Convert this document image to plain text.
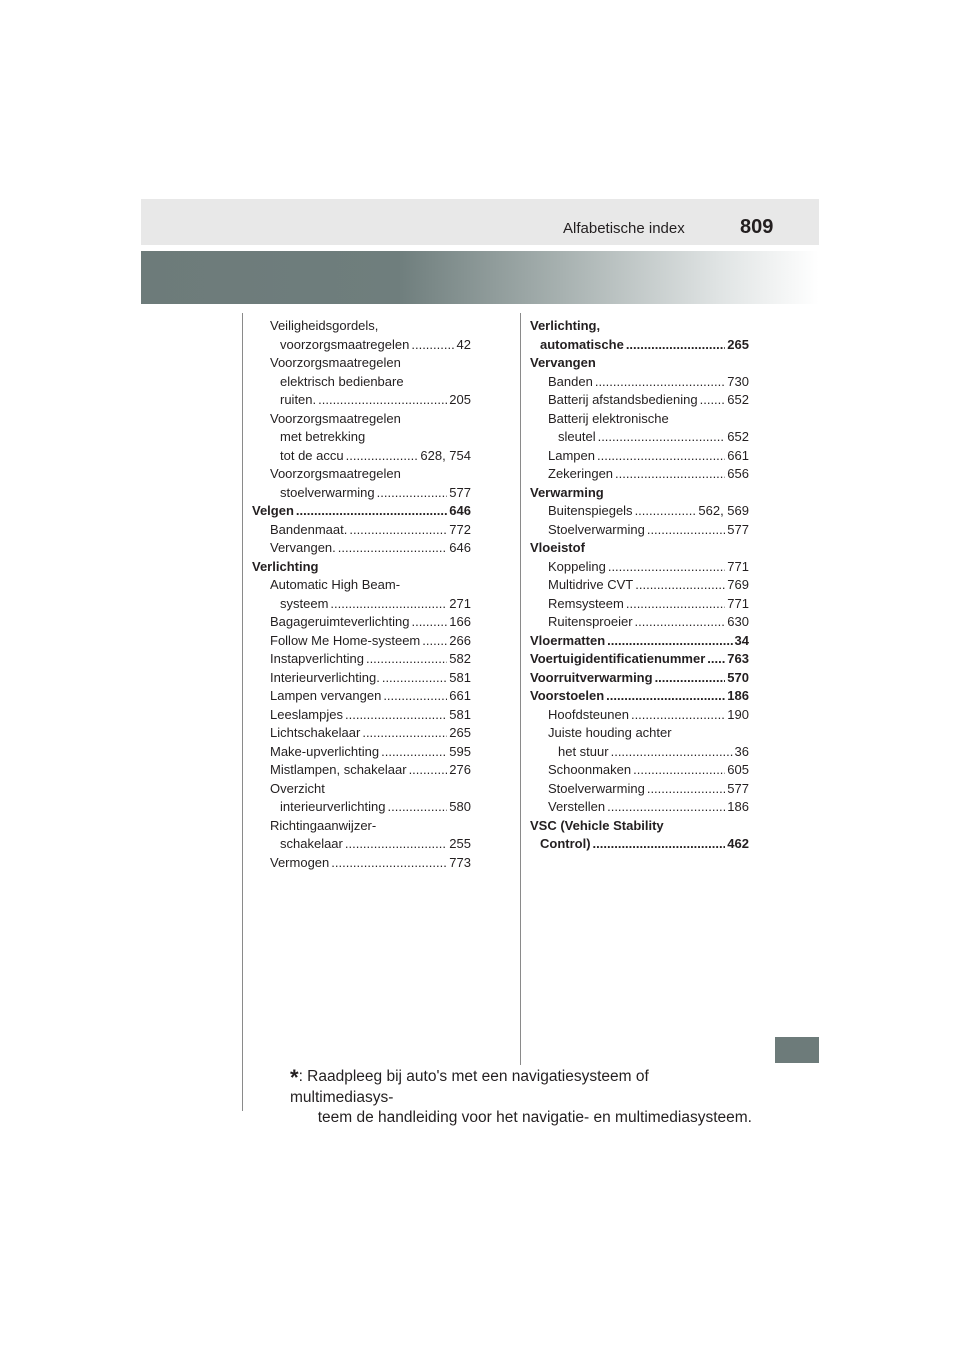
Alfabetische index	809
Veiligheidsgordels,
voorzorgsmaatregelen .....	42
Voorzorgsmaatregelen
elektrisch bedienbare
ruiten. .....	205
Voorzorgsmaatregelen
met betrekking
tot de accu .....	628, 754
Voorzorgsmaatregelen
stoelverwarming .....	577
Velgen .....	646
Bandenmaat. .....	772
Vervangen. .....	646
Verlichting
Automatic High Beam-
systeem .....	271
Bagageruimteverlichting .....	166
Follow Me Home-systeem ..... 266
Instapverlichting .....	582
Interieurverlichting. .....	581
Lampen vervangen .....	661
Leeslampjes .....	581
Lichtschakelaar .....	265
Make-upverlichting .....	595
Mistlampen, schakelaar .....	276
Overzicht
interieurverlichting .....	580
Richtingaanwijzer-
schakelaar .....	255
Vermogen .....	773
Verlichting,
automatische .....	265
Vervangen
Banden .....	730
Batterij afstandsbediening ..... 652
Batterij elektronische
sleutel .....	652
Lampen .....	661
Zekeringen .....	656
Verwarming
Buitenspiegels .....	562, 569
Stoelverwarming .....	577
Vloeistof
Koppeling .....	771
Multidrive CVT .....	769
Remsysteem .....	771
Ruitensproeier .....	630
Vloermatten .....	34
Voertuigidentificatienummer ..... 763
Voorruitverwarming .....	570
Voorstoelen .....	186
Hoofdsteunen .....	190
Juiste houding achter
het stuur .....	36
Schoonmaken .....	605
Stoelverwarming .....	577
Verstellen .....	186
VSC (Vehicle Stability
Control) .....	462
*: Raadpleeg bij auto's met een navigatiesysteem of multimediasys-
teem de handleiding voor het navigatie- en multimediasysteem.
